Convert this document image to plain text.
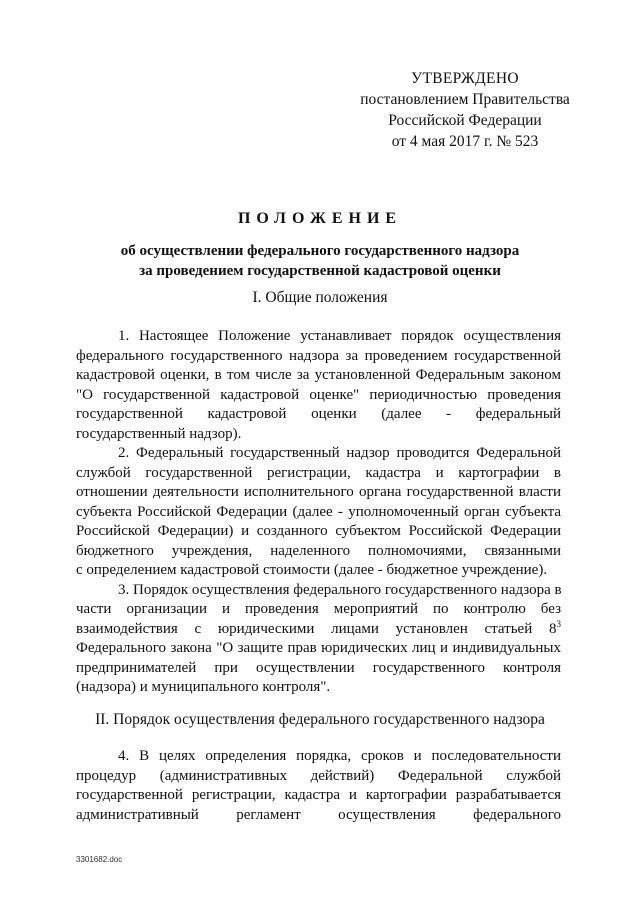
УТВЕРЖДЕНО
постановлением Правительства
Российской Федерации
от 4 мая 2017 г. № 523
ПОЛОЖЕНИЕ
об осуществлении федерального государственного надзора
за проведением государственной кадастровой оценки
I. Общие положения
1. Настоящее Положение устанавливает порядок осуществления
федерального государственного надзора за проведением государственной
кадастровой оценки, в том числе за установленной Федеральным законом
"О государственной кадастровой оценке" периодичностью проведения
государственной кадастровой оценки (далее - федеральный
государственный надзор).
2. Федеральный государственный надзор проводится Федеральной
службой государственной регистрации, кадастра и картографии в
отношении деятельности исполнительного органа государственной власти
субъекта Российской Федерации (далее - уполномоченный орган субъекта
Российской Федерации) и созданного субъектом Российской Федерации
бюджетного учреждения, наделенного полномочиями, связанными
с определением кадастровой стоимости (далее - бюджетное учреждение).
3. Порядок осуществления федерального государственного надзора в
части организации и проведения мероприятий по контролю без
взаимодействия с юридическими лицами установлен статьей $8^3$
Федерального закона "О защите прав юридических лиц и индивидуальных
предпринимателей при осуществлении государственного контроля
(надзора) и муниципального контроля".
II. Порядок осуществления федерального государственного надзора
4. В целях определения порядка, сроков и последовательности
процедур (административных действий) Федеральной службой
государственной регистрации, кадастра и картографии разрабатывается
административный регламент осуществления федерального
3301682.doc
